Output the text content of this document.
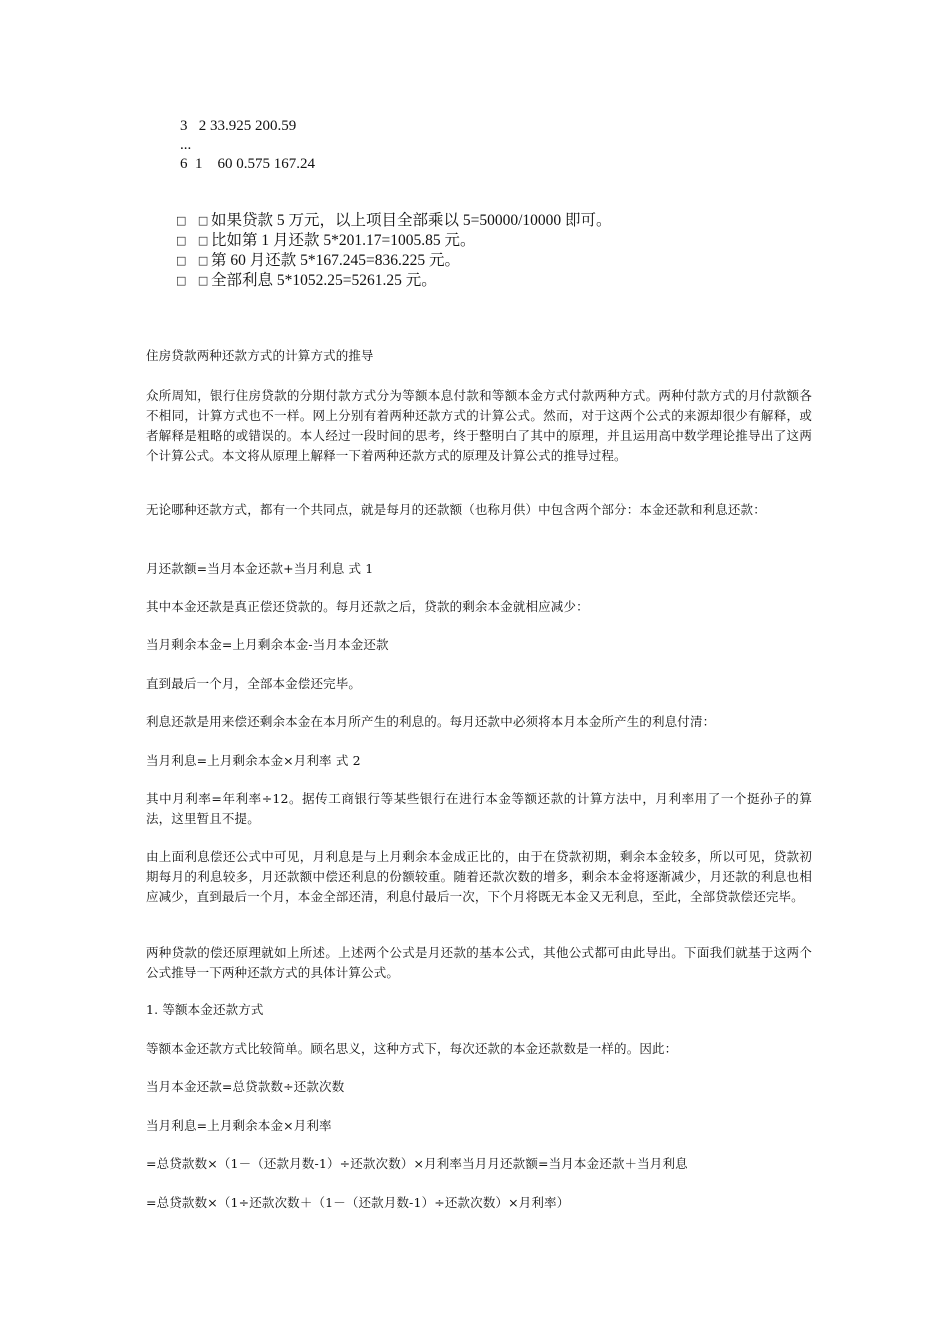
3   2 33.925 200.59
...
6  1    60 0.575 167.24
□ □
如果贷款 5 万元，以上项目全部乘以 5=50000/10000 即可。
□ □
比如第 1 月还款 5*201.17=1005.85 元。
□ □
第 60 月还款 5*167.245=836.225 元。
□ □
全部利息 5*1052.25=5261.25 元。

住房贷款两种还款方式的计算方式的推导

众所周知，银行住房贷款的分期付款方式分为等额本息付款和等额本金方式付款两种方式。两种付款方式的月付款额各不相同，计算方式也不一样。网上分别有着两种还款方式的计算公式。然而，对于这两个公式的来源却很少有解释，或者解释是粗略的或错误的。本人经过一段时间的思考，终于整明白了其中的原理，并且运用高中数学理论推导出了这两个计算公式。本文将从原理上解释一下着两种还款方式的原理及计算公式的推导过程。

无论哪种还款方式，都有一个共同点，就是每月的还款额（也称月供）中包含两个部分：本金还款和利息还款：

月还款额=当月本金还款+当月利息 式 1

其中本金还款是真正偿还贷款的。每月还款之后，贷款的剩余本金就相应减少：

当月剩余本金=上月剩余本金-当月本金还款

直到最后一个月，全部本金偿还完毕。

利息还款是用来偿还剩余本金在本月所产生的利息的。每月还款中必须将本月本金所产生的利息付清：

当月利息=上月剩余本金×月利率 式 2

其中月利率=年利率÷12。据传工商银行等某些银行在进行本金等额还款的计算方法中，月利率用了一个挺孙子的算法，这里暂且不提。

由上面利息偿还公式中可见，月利息是与上月剩余本金成正比的，由于在贷款初期，剩余本金较多，所以可见，贷款初期每月的利息较多，月还款额中偿还利息的份额较重。随着还款次数的增多，剩余本金将逐渐减少，月还款的利息也相应减少，直到最后一个月，本金全部还清，利息付最后一次，下个月将既无本金又无利息，至此，全部贷款偿还完毕。

两种贷款的偿还原理就如上所述。上述两个公式是月还款的基本公式，其他公式都可由此导出。下面我们就基于这两个公式推导一下两种还款方式的具体计算公式。

1. 等额本金还款方式

等额本金还款方式比较简单。顾名思义，这种方式下，每次还款的本金还款数是一样的。因此：

当月本金还款=总贷款数÷还款次数

当月利息=上月剩余本金×月利率

=总贷款数×（1－（还款月数-1）÷还款次数）×月利率当月月还款额=当月本金还款＋当月利息

=总贷款数×（1÷还款次数＋（1－（还款月数-1）÷还款次数）×月利率）
